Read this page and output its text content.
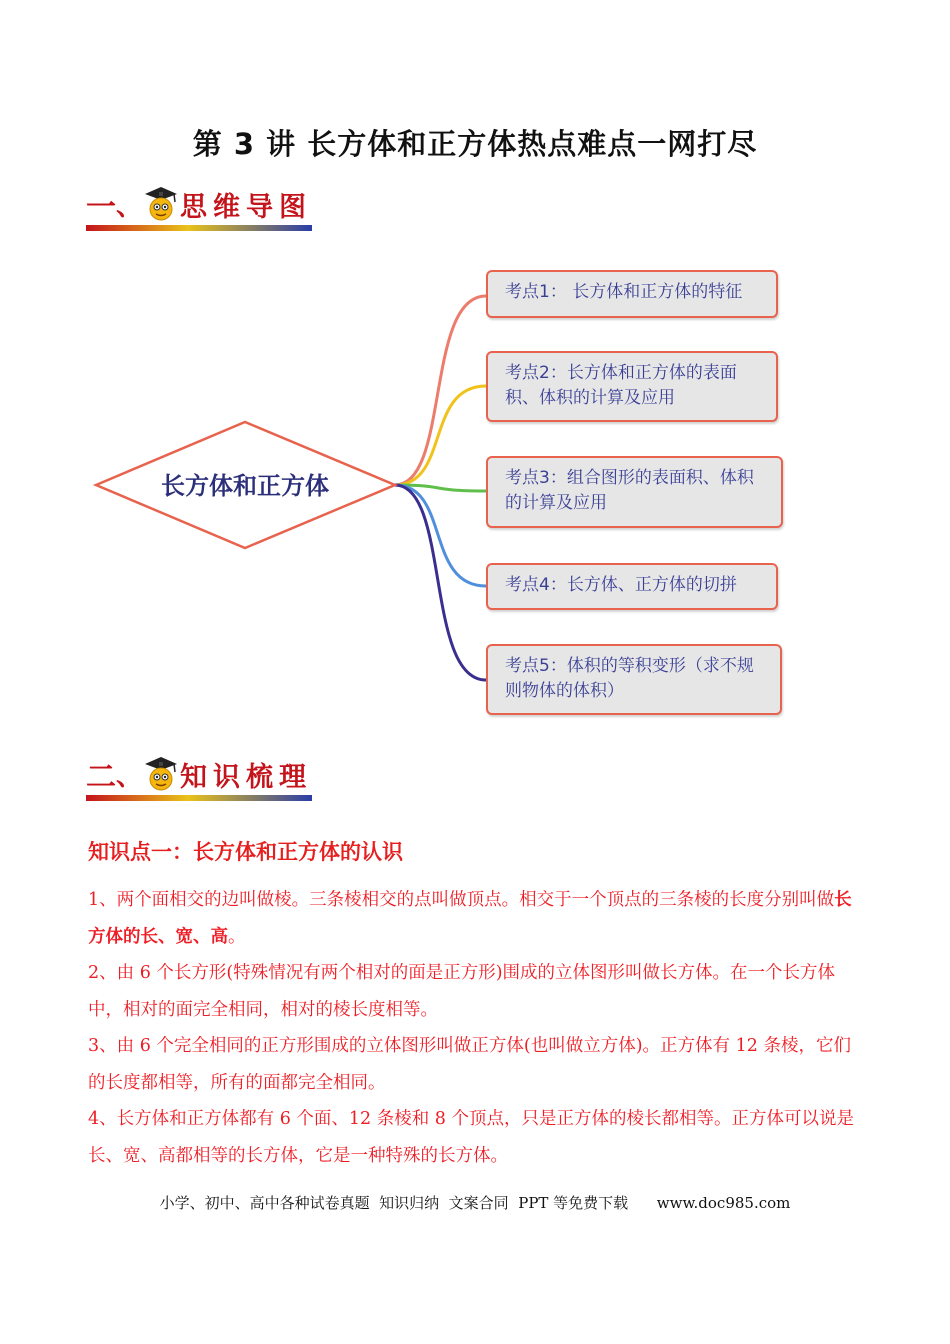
第 3 讲 长方体和正方体热点难点一网打尽
一 、 思维导图
长方体和正方体
考点1： 长方体和正方体的特征
考点2：长方体和正方体的表面积、体积的计算及应用
考点3：组合图形的表面积、体积的计算及应用
考点4：长方体、正方体的切拼
考点5：体积的等积变形（求不规则物体的体积）
二 、 知识梳理
知识点一：长方体和正方体的认识

1、两个面相交的边叫做棱。三条棱相交的点叫做顶点。相交于一个顶点的三条棱的长度分别叫做长方体的长、宽、高。

2、由 6 个长方形(特殊情况有两个相对的面是正方形)围成的立体图形叫做长方体。在一个长方体中，相对的面完全相同，相对的棱长度相等。

3、由 6 个完全相同的正方形围成的立体图形叫做正方体(也叫做立方体)。正方体有 12 条棱，它们的长度都相等，所有的面都完全相同。

4、长方体和正方体都有 6 个面、12 条棱和 8 个顶点，只是正方体的棱长都相等。正方体可以说是长、宽、高都相等的长方体，它是一种特殊的长方体。

小学、初中、高中各种试卷真题  知识归纳  文案合同  PPT 等免费下载      www.doc985.com
